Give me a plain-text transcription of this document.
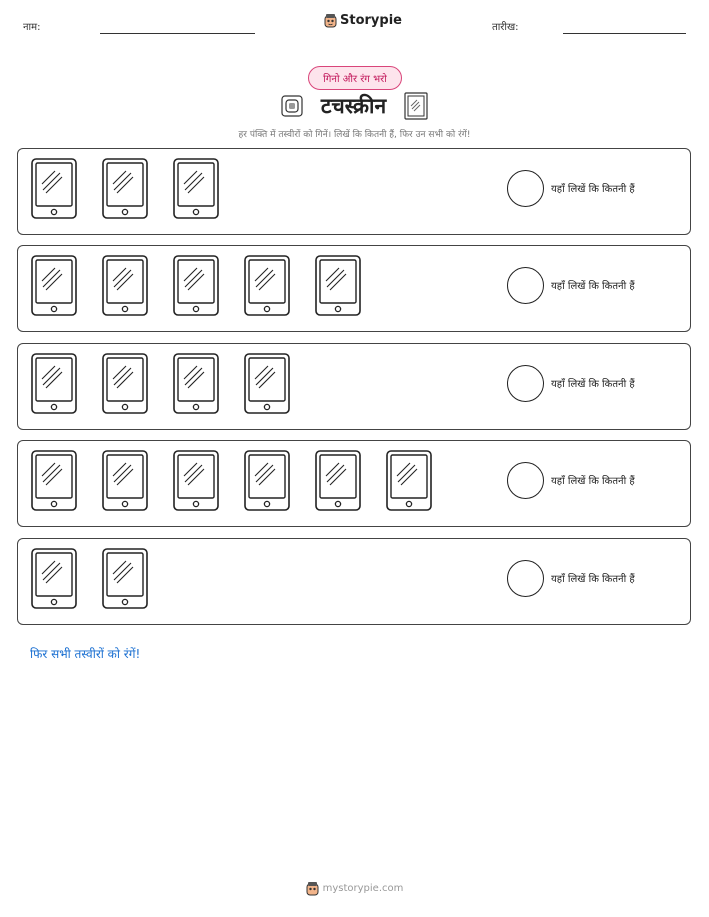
नाम:	Storypie	तारीख:
गिनो और रंग भरो
टचस्क्रीन
हर पंक्ति में तस्वीरों को गिनें। लिखें कि कितनी हैं, फिर उन सभी को रंगें!
यहाँ लिखें कि कितनी हैं
यहाँ लिखें कि कितनी हैं
यहाँ लिखें कि कितनी हैं
यहाँ लिखें कि कितनी हैं
यहाँ लिखें कि कितनी हैं
फिर सभी तस्वीरों को रंगें!
mystorypie.com
